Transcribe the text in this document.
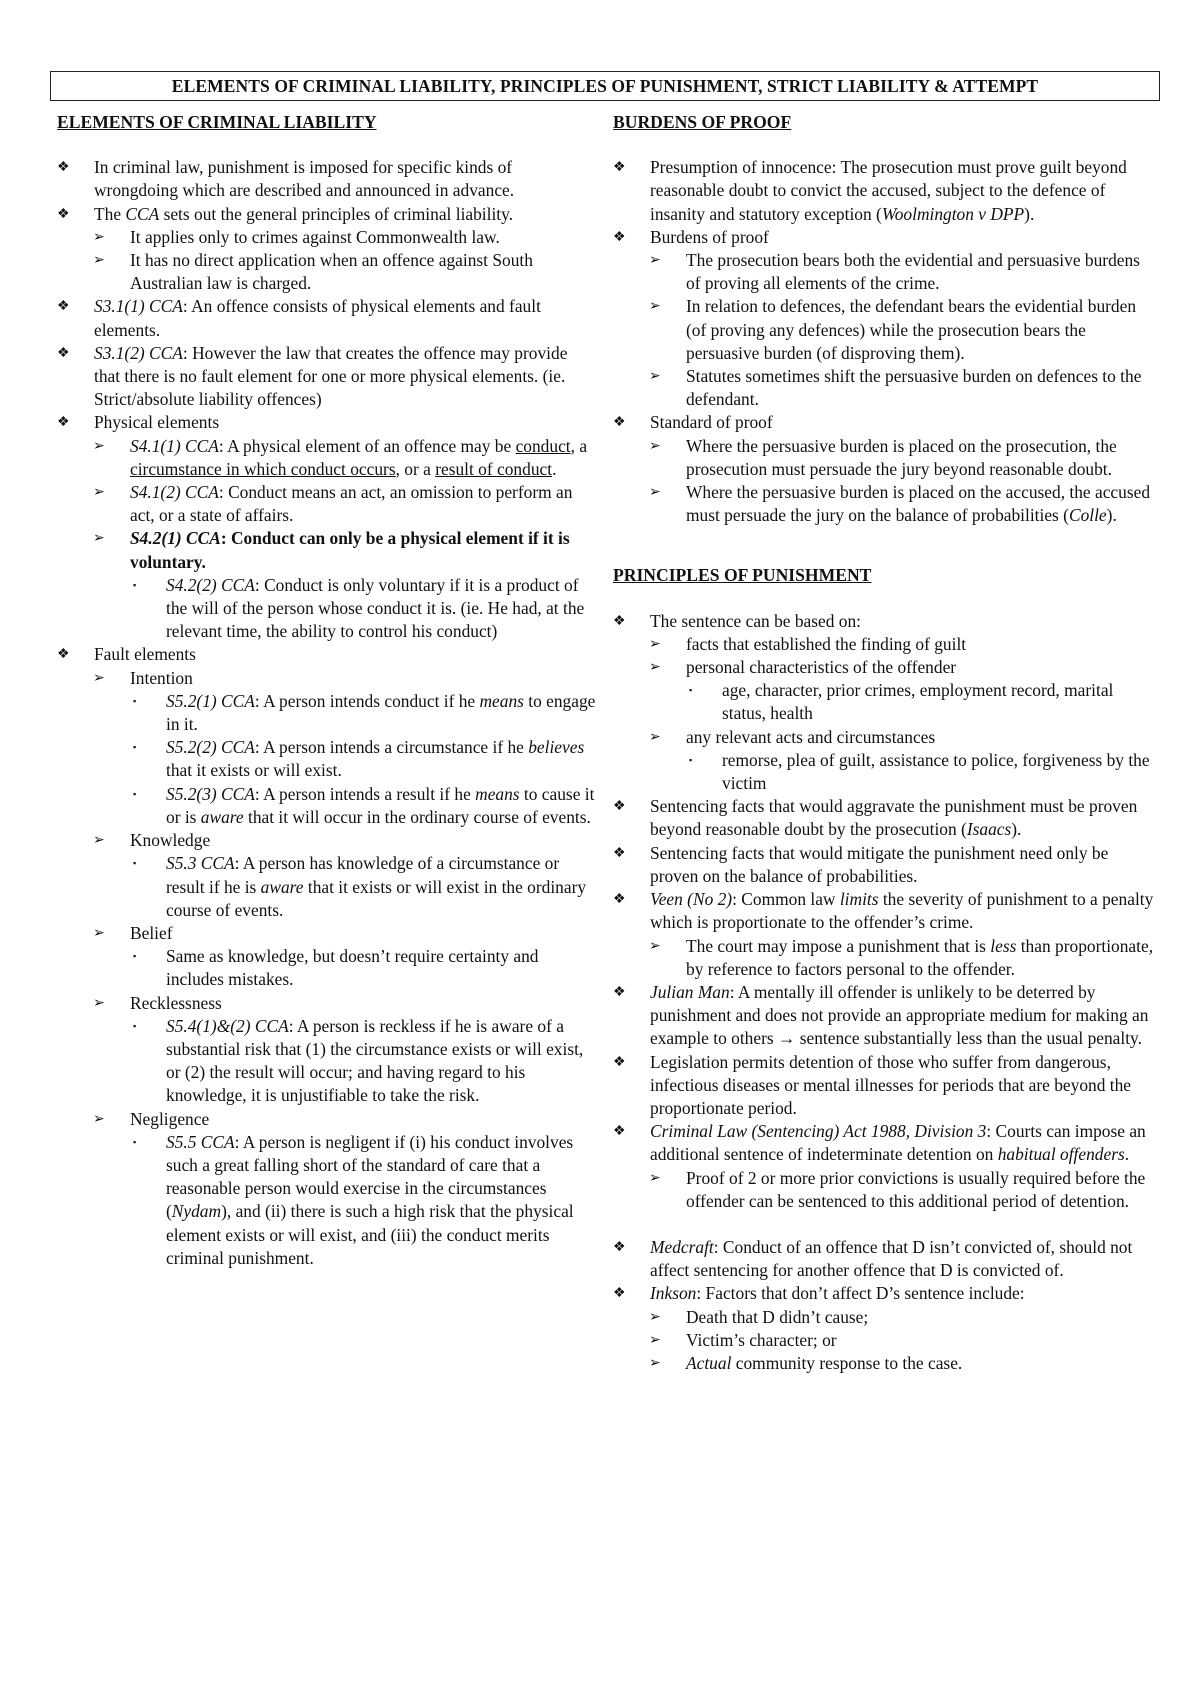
ELEMENTS OF CRIMINAL LIABILITY, PRINCIPLES OF PUNISHMENT, STRICT LIABILITY & ATTEMPT
ELEMENTS OF CRIMINAL LIABILITY
❖ In criminal law, punishment is imposed for specific kinds of wrongdoing which are described and announced in advance.
❖ The CCA sets out the general principles of criminal liability.
➢ It applies only to crimes against Commonwealth law.
➢ It has no direct application when an offence against South Australian law is charged.
❖ S3.1(1) CCA: An offence consists of physical elements and fault elements.
❖ S3.1(2) CCA: However the law that creates the offence may provide that there is no fault element for one or more physical elements. (ie. Strict/absolute liability offences)
❖ Physical elements
➢ S4.1(1) CCA: A physical element of an offence may be conduct, a circumstance in which conduct occurs, or a result of conduct.
➢ S4.1(2) CCA: Conduct means an act, an omission to perform an act, or a state of affairs.
➢ S4.2(1) CCA: Conduct can only be a physical element if it is voluntary.
▪	S4.2(2) CCA: Conduct is only voluntary if it is a product of the will of the person whose conduct it is. (ie. He had, at the relevant time, the ability to control his conduct)
❖ Fault elements
➢ Intention
▪	S5.2(1) CCA: A person intends conduct if he means to engage in it.
▪	S5.2(2) CCA: A person intends a circumstance if he believes that it exists or will exist.
▪	S5.2(3) CCA: A person intends a result if he means to cause it or is aware that it will occur in the ordinary course of events.
➢ Knowledge
▪	S5.3 CCA: A person has knowledge of a circumstance or result if he is aware that it exists or will exist in the ordinary course of events.
➢ Belief
▪	Same as knowledge, but doesn’t require certainty and includes mistakes.
➢ Recklessness
▪	S5.4(1)&(2) CCA: A person is reckless if he is aware of a substantial risk that (1) the circumstance exists or will exist, or (2) the result will occur; and having regard to his knowledge, it is unjustifiable to take the risk.
➢ Negligence
▪	S5.5 CCA: A person is negligent if (i) his conduct involves such a great falling short of the standard of care that a reasonable person would exercise in the circumstances (Nydam), and (ii) there is such a high risk that the physical element exists or will exist, and (iii) the conduct merits criminal punishment.
BURDENS OF PROOF
❖ Presumption of innocence: The prosecution must prove guilt beyond reasonable doubt to convict the accused, subject to the defence of insanity and statutory exception (Woolmington v DPP).
❖ Burdens of proof
➢ The prosecution bears both the evidential and persuasive burdens of proving all elements of the crime.
➢ In relation to defences, the defendant bears the evidential burden (of proving any defences) while the prosecution bears the persuasive burden (of disproving them).
➢ Statutes sometimes shift the persuasive burden on defences to the defendant.
❖ Standard of proof
➢ Where the persuasive burden is placed on the prosecution, the prosecution must persuade the jury beyond reasonable doubt.
➢ Where the persuasive burden is placed on the accused, the accused must persuade the jury on the balance of probabilities (Colle).
PRINCIPLES OF PUNISHMENT
❖ The sentence can be based on:
➢ facts that established the finding of guilt
➢ personal characteristics of the offender
▪	age, character, prior crimes, employment record, marital status, health
➢ any relevant acts and circumstances
▪	remorse, plea of guilt, assistance to police, forgiveness by the victim
❖ Sentencing facts that would aggravate the punishment must be proven beyond reasonable doubt by the prosecution (Isaacs).
❖ Sentencing facts that would mitigate the punishment need only be proven on the balance of probabilities.
❖ Veen (No 2): Common law limits the severity of punishment to a penalty which is proportionate to the offender’s crime.
➢ The court may impose a punishment that is less than proportionate, by reference to factors personal to the offender.
❖ Julian Man: A mentally ill offender is unlikely to be deterred by punishment and does not provide an appropriate medium for making an example to others → sentence substantially less than the usual penalty.
❖ Legislation permits detention of those who suffer from dangerous, infectious diseases or mental illnesses for periods that are beyond the proportionate period.
❖ Criminal Law (Sentencing) Act 1988, Division 3: Courts can impose an additional sentence of indeterminate detention on habitual offenders.
➢ Proof of 2 or more prior convictions is usually required before the offender can be sentenced to this additional period of detention.
❖ Medcraft: Conduct of an offence that D isn’t convicted of, should not affect sentencing for another offence that D is convicted of.
❖ Inkson: Factors that don’t affect D’s sentence include:
➢ Death that D didn’t cause;
➢ Victim’s character; or
➢ Actual community response to the case.
